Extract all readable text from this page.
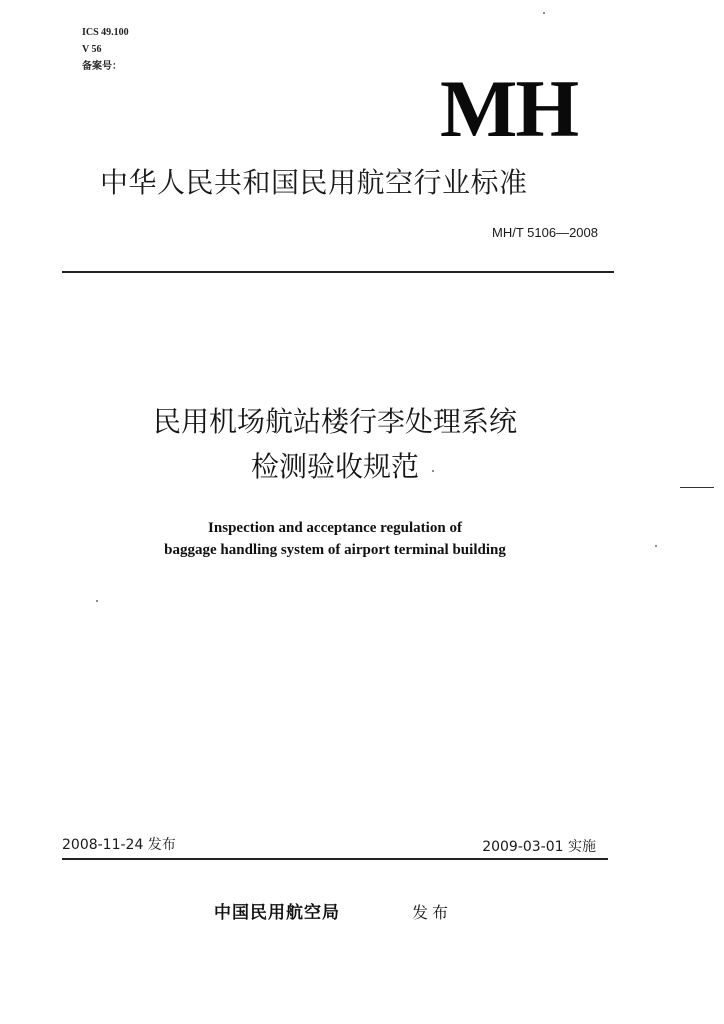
ICS 49.100
V 56
备案号：	MH
中华人民共和国民用航空行业标准
MH/T 5106—2008
民用机场航站楼行李处理系统
检测验收规范
Inspection and acceptance regulation of
baggage handling system of airport terminal building
2008-11-24 发布	2009-03-01 实施
中国民用航空局	发布
